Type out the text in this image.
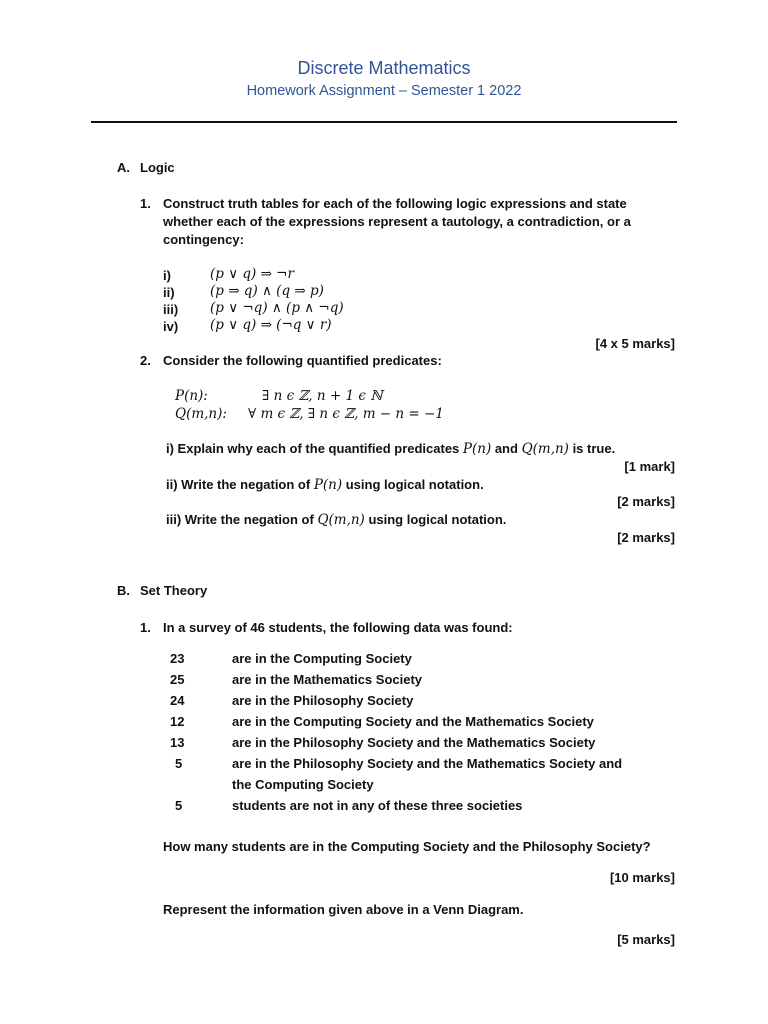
Discrete Mathematics
Homework Assignment – Semester 1 2022
A. Logic
1. Construct truth tables for each of the following logic expressions and state
whether each of the expressions represent a tautology, a contradiction, or a
contingency:
i)	(p ∨ q) ⇒ ¬r
ii)	(p ⇒ q) ∧ (q ⇒ p)
iii) (p ∨ ¬q) ∧ (p ∧ ¬q)
iv) (p ∨ q) ⇒ (¬q ∨ r)
[4 x 5 marks]
2. Consider the following quantified predicates:
P(n):	∃ n ϵ ℤ, n + 1 ϵ ℕ
Q(m,n): ∀ m ϵ ℤ, ∃ n ϵ ℤ, m − n = −1
i) Explain why each of the quantified predicates P(n) and Q(m,n) is true.
[1 mark]
ii) Write the negation of P(n) using logical notation.
[2 marks]
iii) Write the negation of Q(m,n) using logical notation.
[2 marks]
B. Set Theory
1. In a survey of 46 students, the following data was found:
23	are in the Computing Society
25	are in the Mathematics Society
24	are in the Philosophy Society
12	are in the Computing Society and the Mathematics Society
13	are in the Philosophy Society and the Mathematics Society
5	are in the Philosophy Society and the Mathematics Society and
the Computing Society
5	students are not in any of these three societies
How many students are in the Computing Society and the Philosophy Society?
[10 marks]
Represent the information given above in a Venn Diagram.
[5 marks]
